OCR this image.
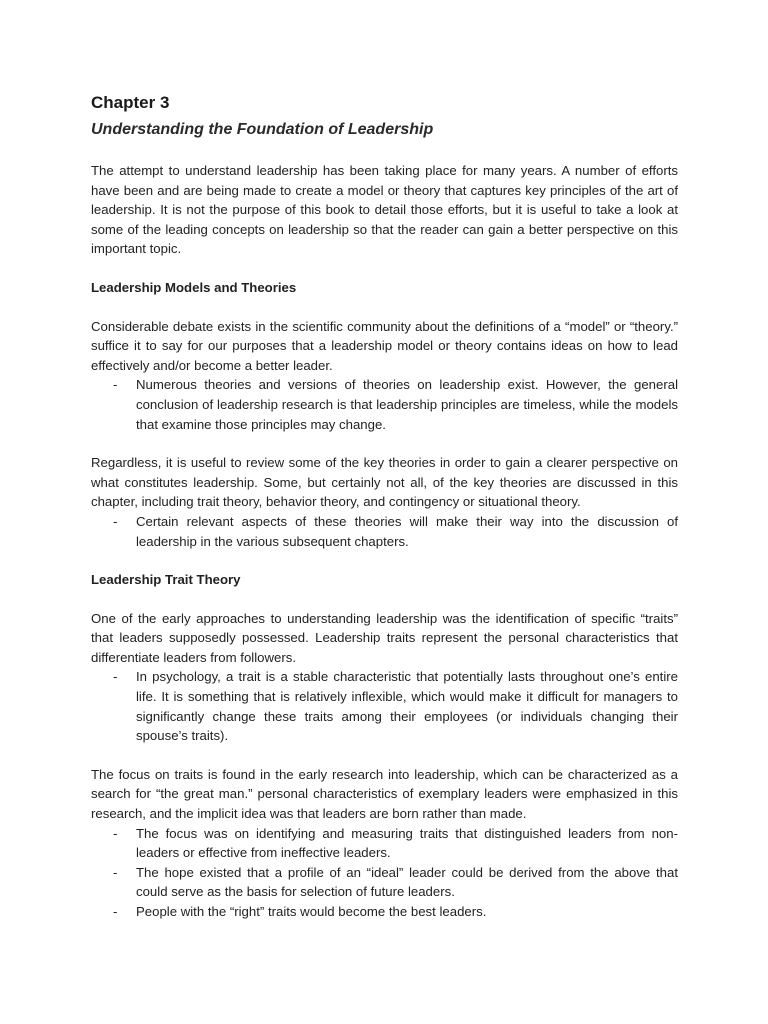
Chapter 3
Understanding the Foundation of Leadership

The attempt to understand leadership has been taking place for many years. A number of efforts have been and are being made to create a model or theory that captures key principles of the art of leadership. It is not the purpose of this book to detail those efforts, but it is useful to take a look at some of the leading concepts on leadership so that the reader can gain a better perspective on this important topic.

Leadership Models and Theories

Considerable debate exists in the scientific community about the definitions of a “model” or “theory.” suffice it to say for our purposes that a leadership model or theory contains ideas on how to lead effectively and/or become a better leader.

- Numerous theories and versions of theories on leadership exist. However, the general conclusion of leadership research is that leadership principles are timeless, while the models that examine those principles may change.

Regardless, it is useful to review some of the key theories in order to gain a clearer perspective on what constitutes leadership. Some, but certainly not all, of the key theories are discussed in this chapter, including trait theory, behavior theory, and contingency or situational theory.

- Certain relevant aspects of these theories will make their way into the discussion of leadership in the various subsequent chapters.
Leadership Trait Theory

One of the early approaches to understanding leadership was the identification of specific “traits” that leaders supposedly possessed. Leadership traits represent the personal characteristics that differentiate leaders from followers.

- In psychology, a trait is a stable characteristic that potentially lasts throughout one’s entire life. It is something that is relatively inflexible, which would make it difficult for managers to significantly change these traits among their employees (or individuals changing their spouse’s traits).

The focus on traits is found in the early research into leadership, which can be characterized as a search for “the great man.” personal characteristics of exemplary leaders were emphasized in this research, and the implicit idea was that leaders are born rather than made.

- The focus was on identifying and measuring traits that distinguished leaders from non-leaders or effective from ineffective leaders.
- The hope existed that a profile of an “ideal” leader could be derived from the above that could serve as the basis for selection of future leaders.
- People with the “right” traits would become the best leaders.
